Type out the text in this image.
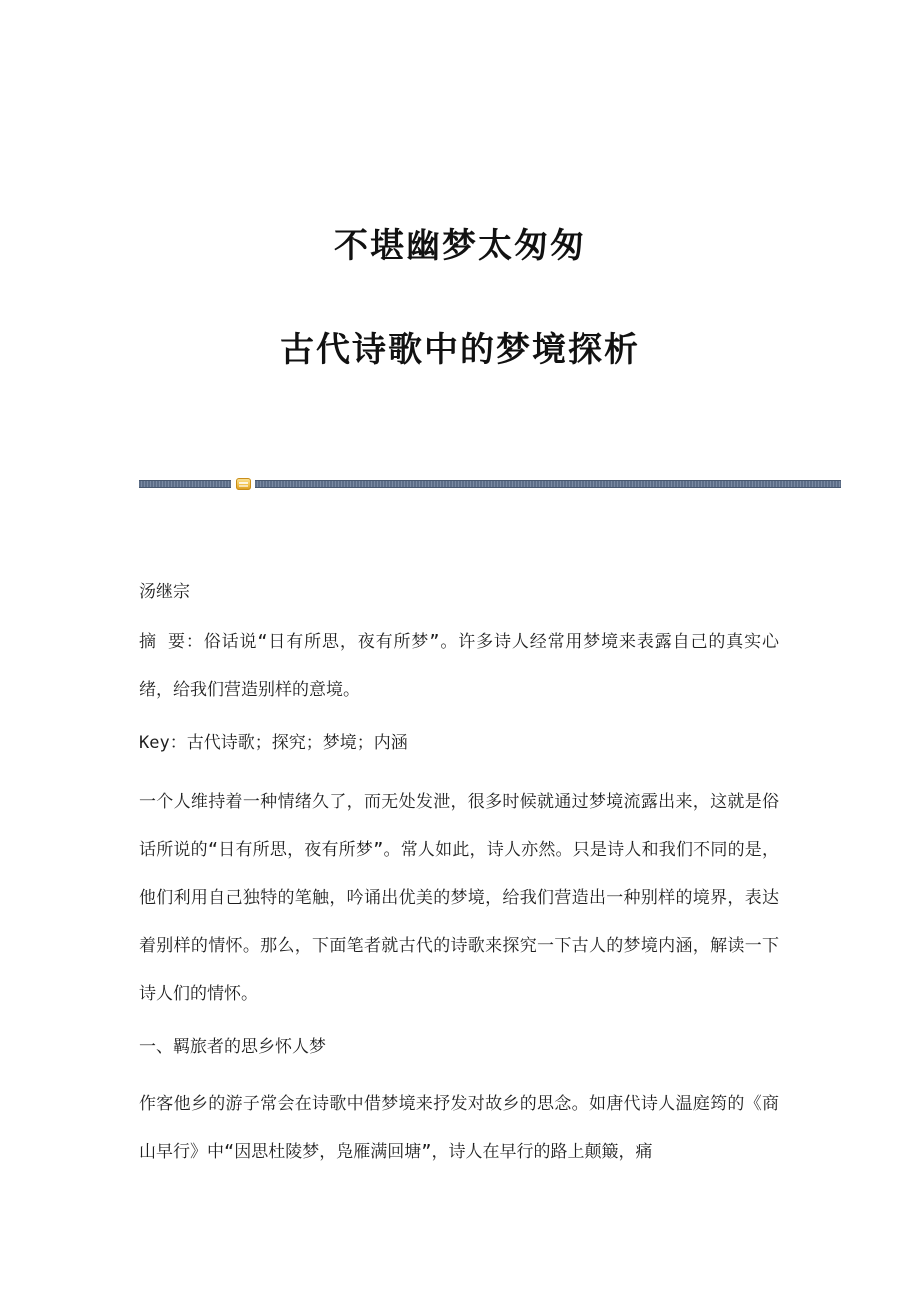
不堪幽梦太匆匆
古代诗歌中的梦境探析

汤继宗

摘 要：俗话说“日有所思，夜有所梦”。许多诗人经常用梦境来表露自己的真实心绪，给我们营造别样的意境。

Key：古代诗歌；探究；梦境；内涵

一个人维持着一种情绪久了，而无处发泄，很多时候就通过梦境流露出来，这就是俗话所说的“日有所思，夜有所梦”。常人如此，诗人亦然。只是诗人和我们不同的是，他们利用自己独特的笔触，吟诵出优美的梦境，给我们营造出一种别样的境界，表达着别样的情怀。那么，下面笔者就古代的诗歌来探究一下古人的梦境内涵，解读一下诗人们的情怀。

一、羁旅者的思乡怀人梦

作客他乡的游子常会在诗歌中借梦境来抒发对故乡的思念。如唐代诗人温庭筠的《商山早行》中“因思杜陵梦，凫雁满回塘”，诗人在早行的路上颠簸，痛
